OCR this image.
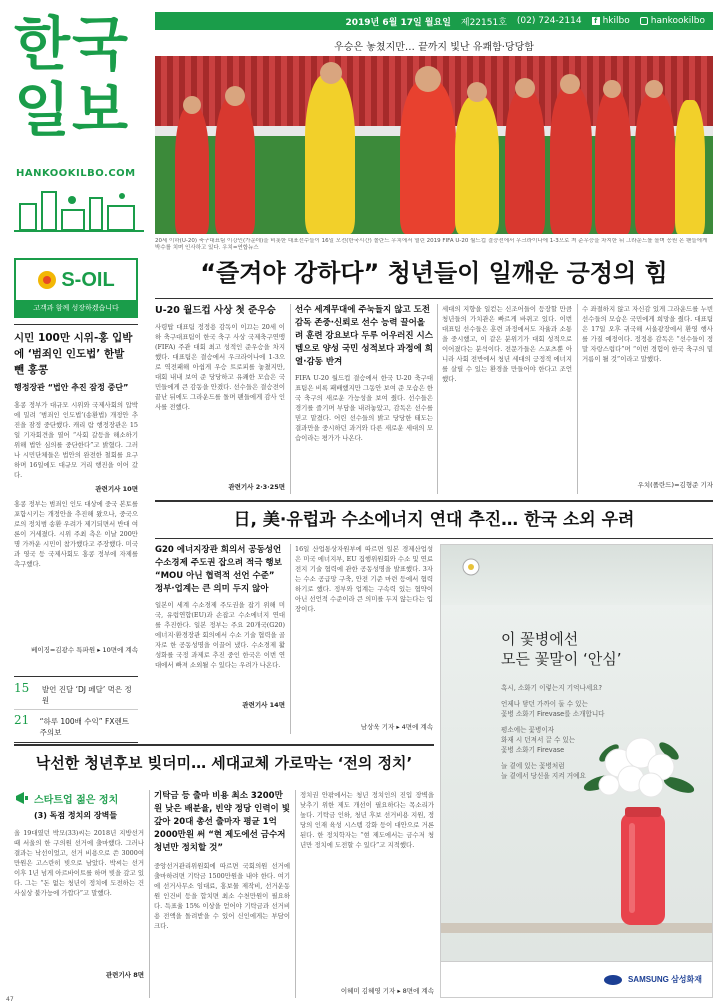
한국
일보
HANKOOKILBO.COM
S-OIL
고객과 함께 성장하겠습니다
2019년 6월 17일 월요일 제22151호 (02) 724-2114	f hkilbo hankookilbo
우승은 놓쳤지만… 끝까지 빛난 유쾌함·당당함
20세 이하(U-20) 축구대표팀 이강인(가운데)을 비롯한 대표선수들이 16일 오전(한국시간) 폴란드 우치에서 열린 2019 FIFA U-20 월드컵 결승전에서 우크라이나에 1-3으로 져 준우승을 차지한 뒤 그라운드를 돌며 응원 온 팬들에게 박수를 치며 인사하고 있다. 우치=연합뉴스
“즐겨야 강하다” 청년들이 일깨운 긍정의 힘
U-20 월드컵 사상 첫 준우승
사령탑 대표팀 정정용 감독이 이끄는 20세 이하 축구대표팀이 한국 축구 사상 국제축구연맹(FIFA) 주관 대회 최고 성적인 준우승을 차지했다. 대표팀은 결승에서 우크라이나에 1-3으로 역전패해 아쉽게 우승 트로피를 놓쳤지만, 대회 내내 보여 준 당당하고 유쾌한 모습은 국민들에게 큰 감동을 안겼다. 선수들은 결승전이 끝난 뒤에도 그라운드를 돌며 팬들에게 감사 인사를 전했다.
관련기사 2·3·25면
선수 세계무대에 주눅들지 않고 도전 감독 존중·신뢰로 선수 능력 끌어올려 훈련 강요보다 두루 어우러진 시스템으로 양성 국민 성적보다 과정에 희열·감동 반겨
FIFA U-20 월드컵 결승에서 한국 U-20 축구대표팀은 비록 패배했지만 그동안 보여 준 모습은 한국 축구의 새로운 가능성을 보여 줬다. 선수들은 경기를 즐기며 부담을 내려놓았고, 감독은 선수를 믿고 맡겼다. 어린 선수들의 밝고 당당한 태도는 결과만을 중시하던 과거와 다른 새로운 세대의 모습이라는 평가가 나온다.
세대의 지향을 일컫는 신조어들이 등장할 만큼 청년들의 가치관은 빠르게 바뀌고 있다. 이번 대표팀 선수들은 훈련 과정에서도 자율과 소통을 중시했고, 이 같은 분위기가 대회 성적으로 이어졌다는 분석이다. 전문가들은 스포츠뿐 아니라 사회 전반에서 청년 세대의 긍정적 에너지를 살릴 수 있는 환경을 만들어야 한다고 조언했다.
수 좌절하지 않고 자신감 있게 그라운드를 누빈 선수들의 모습은 국민에게 희망을 줬다. 대표팀은 17일 오후 귀국해 서울광장에서 환영 행사를 가질 예정이다. 정정용 감독은 “선수들이 정말 자랑스럽다”며 “이번 경험이 한국 축구의 밑거름이 될 것”이라고 말했다.
우치(폴란드)=김형준 기자
시민 100만 시위-홍 입박에 ‘범죄인 인도법’ 한발 뺀 홍콩
행정장관 “법안 추진 잠정 중단”
홍콩 정부가 대규모 시위와 국제사회의 압박에 밀려 ‘범죄인 인도법’(송환법) 개정안 추진을 잠정 중단했다. 캐리 람 행정장관은 15일 기자회견을 열어 “사회 갈등을 해소하기 위해 법안 심의를 중단한다”고 밝혔다. 그러나 시민단체들은 법안의 완전한 철회를 요구하며 16일에도 대규모 거리 행진을 이어 갔다.
관련기사 10면
홍콩 정부는 범죄인 인도 대상에 중국 본토를 포함시키는 개정안을 추진해 왔으나, 중국으로의 정치범 송환 우려가 제기되면서 반대 여론이 거세졌다. 시위 주최 측은 이날 200만명 가까운 시민이 참가했다고 주장했다. 미국과 영국 등 국제사회도 홍콩 정부에 자제를 촉구했다.
베이징=김광수 특파원 ▸ 10면에 계속
15	발언 진달 ‘DJ 페달’ 먹은 정원
21 “하루 100배 수익” FX렌트 주의보
日, 美·유럽과 수소에너지 연대 추진… 한국 소외 우려
G20 에너지장관 회의서 공동성언 수소경제 주도권 잡으려 적극 행보 “MOU 아닌 협력적 선언 수준” 정부·업계는 큰 의미 두지 않아
일본이 세계 수소경제 주도권을 잡기 위해 미국, 유럽연합(EU)과 손잡고 수소에너지 연대를 추진한다. 일본 정부는 주요 20개국(G20) 에너지·환경장관 회의에서 수소 기술 협력을 골자로 한 공동성명을 이끌어 냈다. 수소경제 활성화를 국정 과제로 추진 중인 한국은 이번 연대에서 빠져 소외될 수 있다는 우려가 나온다.
관련기사 14면
16일 산업통상자원부에 따르면 일본 경제산업성은 미국 에너지부, EU 집행위원회와 수소 및 연료전지 기술 협력에 관한 공동성명을 발표했다. 3자는 수소 공급망 구축, 안전 기준 마련 등에서 협력하기로 했다. 정부와 업계는 구속력 있는 협약이 아닌 선언적 수준이라 큰 의미를 두지 않는다는 입장이다.
남상욱 기자 ▸ 4면에 계속
이 꽃병에선
모든 꽃말이 ‘안심’
혹시, 소화기 이렇는지 기억나세요?
언제나 닿던 가까이 둘 수 있는
꽃병 소화기 Firevase를 소개합니다
평소에는 꽃병이자
화재 시 던져서 끌 수 있는
꽃병 소화기 Firevase
늘 곁에 있는 꽃병처럼
늘 곁에서 당신을 지켜 거예요
SAMSUNG 삼성화재
낙선한 청년후보 빚더미… 세대교체 가로막는 ‘전의 정치’
스타트업 젊은 정치
(3) 독점 정치의 장벽들
올 19대였던 박모(33)씨는 2018년 지방선거 때 서울의 한 구의원 선거에 출마했다. 그러나 결과는 낙선이었고, 선거 비용으로 쓴 3000여만원은 고스란히 빚으로 남았다. 박씨는 선거 이후 1년 넘게 아르바이트를 하며 빚을 갚고 있다. 그는 “돈 없는 청년이 정치에 도전하는 건 사실상 불가능에 가깝다”고 말했다.
관련기사 8면
기탁금 등 출마 비용 최소 3200만원 낮은 배분율, 빈약 정당 인력이 빛 갚아 20대 총선 출마자 평균 1억2000만원 써 “현 제도에선 금수저 청년만 정치할 것”
중앙선거관리위원회에 따르면 국회의원 선거에 출마하려면 기탁금 1500만원을 내야 한다. 여기에 선거사무소 임대료, 홍보물 제작비, 선거운동원 인건비 등을 합치면 최소 수천만원이 필요하다. 득표율 15% 이상을 얻어야 기탁금과 선거비용 전액을 돌려받을 수 있어 신인에게는 부담이 크다.
정치권 안팎에서는 청년 정치인의 진입 장벽을 낮추기 위한 제도 개선이 필요하다는 목소리가 높다. 기탁금 인하, 청년 후보 선거비용 지원, 정당의 인재 육성 시스템 강화 등이 대안으로 거론된다. 한 정치학자는 “현 제도에서는 금수저 청년만 정치에 도전할 수 있다”고 지적했다.
이혜미 김혜영 기자 ▸ 8면에 계속
47
